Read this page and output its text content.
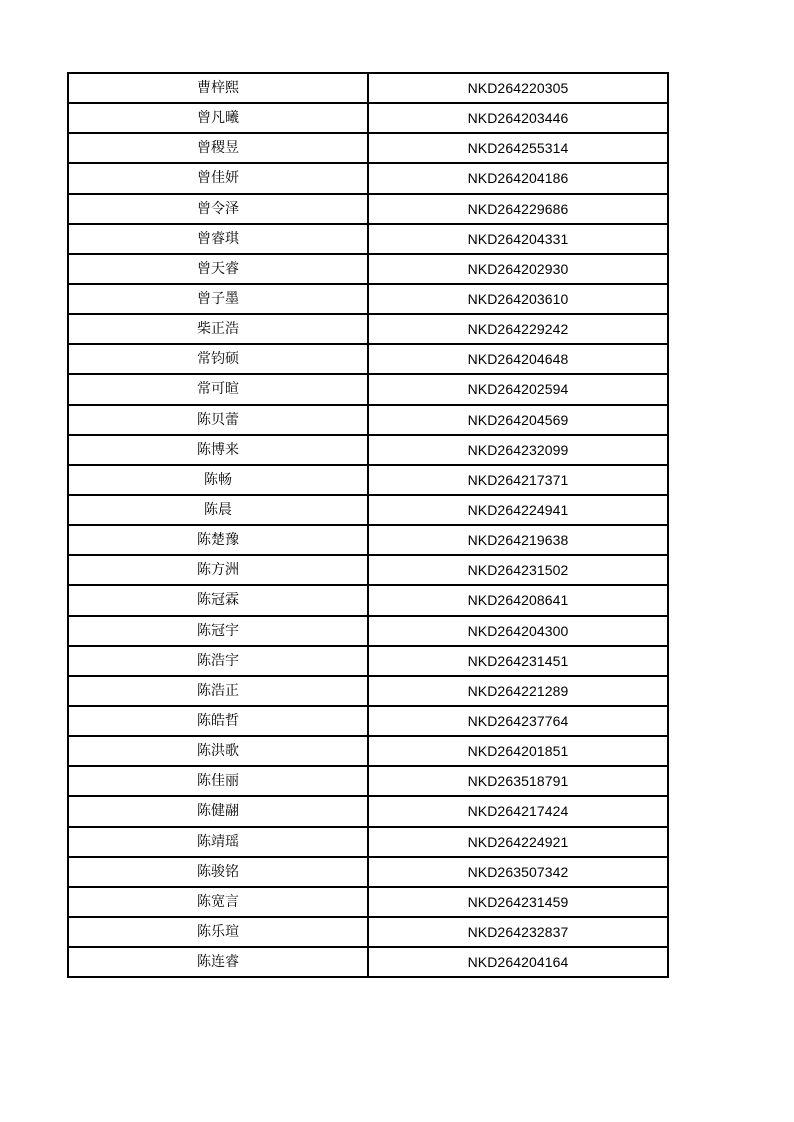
曹梓熙	NKD264220305
曾凡曦	NKD264203446
曾稷昱	NKD264255314
曾佳妍	NKD264204186
曾令泽	NKD264229686
曾睿琪	NKD264204331
曾天睿	NKD264202930
曾子墨	NKD264203610
柴正浩	NKD264229242
常钧硕	NKD264204648
常可暄	NKD264202594
陈贝蕾	NKD264204569
陈博来	NKD264232099
陈畅	NKD264217371
陈晨	NKD264224941
陈楚豫	NKD264219638
陈方洲	NKD264231502
陈冠霖	NKD264208641
陈冠宇	NKD264204300
陈浩宇	NKD264231451
陈浩正	NKD264221289
陈皓哲	NKD264237764
陈洪歌	NKD264201851
陈佳丽	NKD263518791
陈健翮	NKD264217424
陈靖瑶	NKD264224921
陈骏铭	NKD263507342
陈宽言	NKD264231459
陈乐瑄	NKD264232837
陈连睿	NKD264204164
